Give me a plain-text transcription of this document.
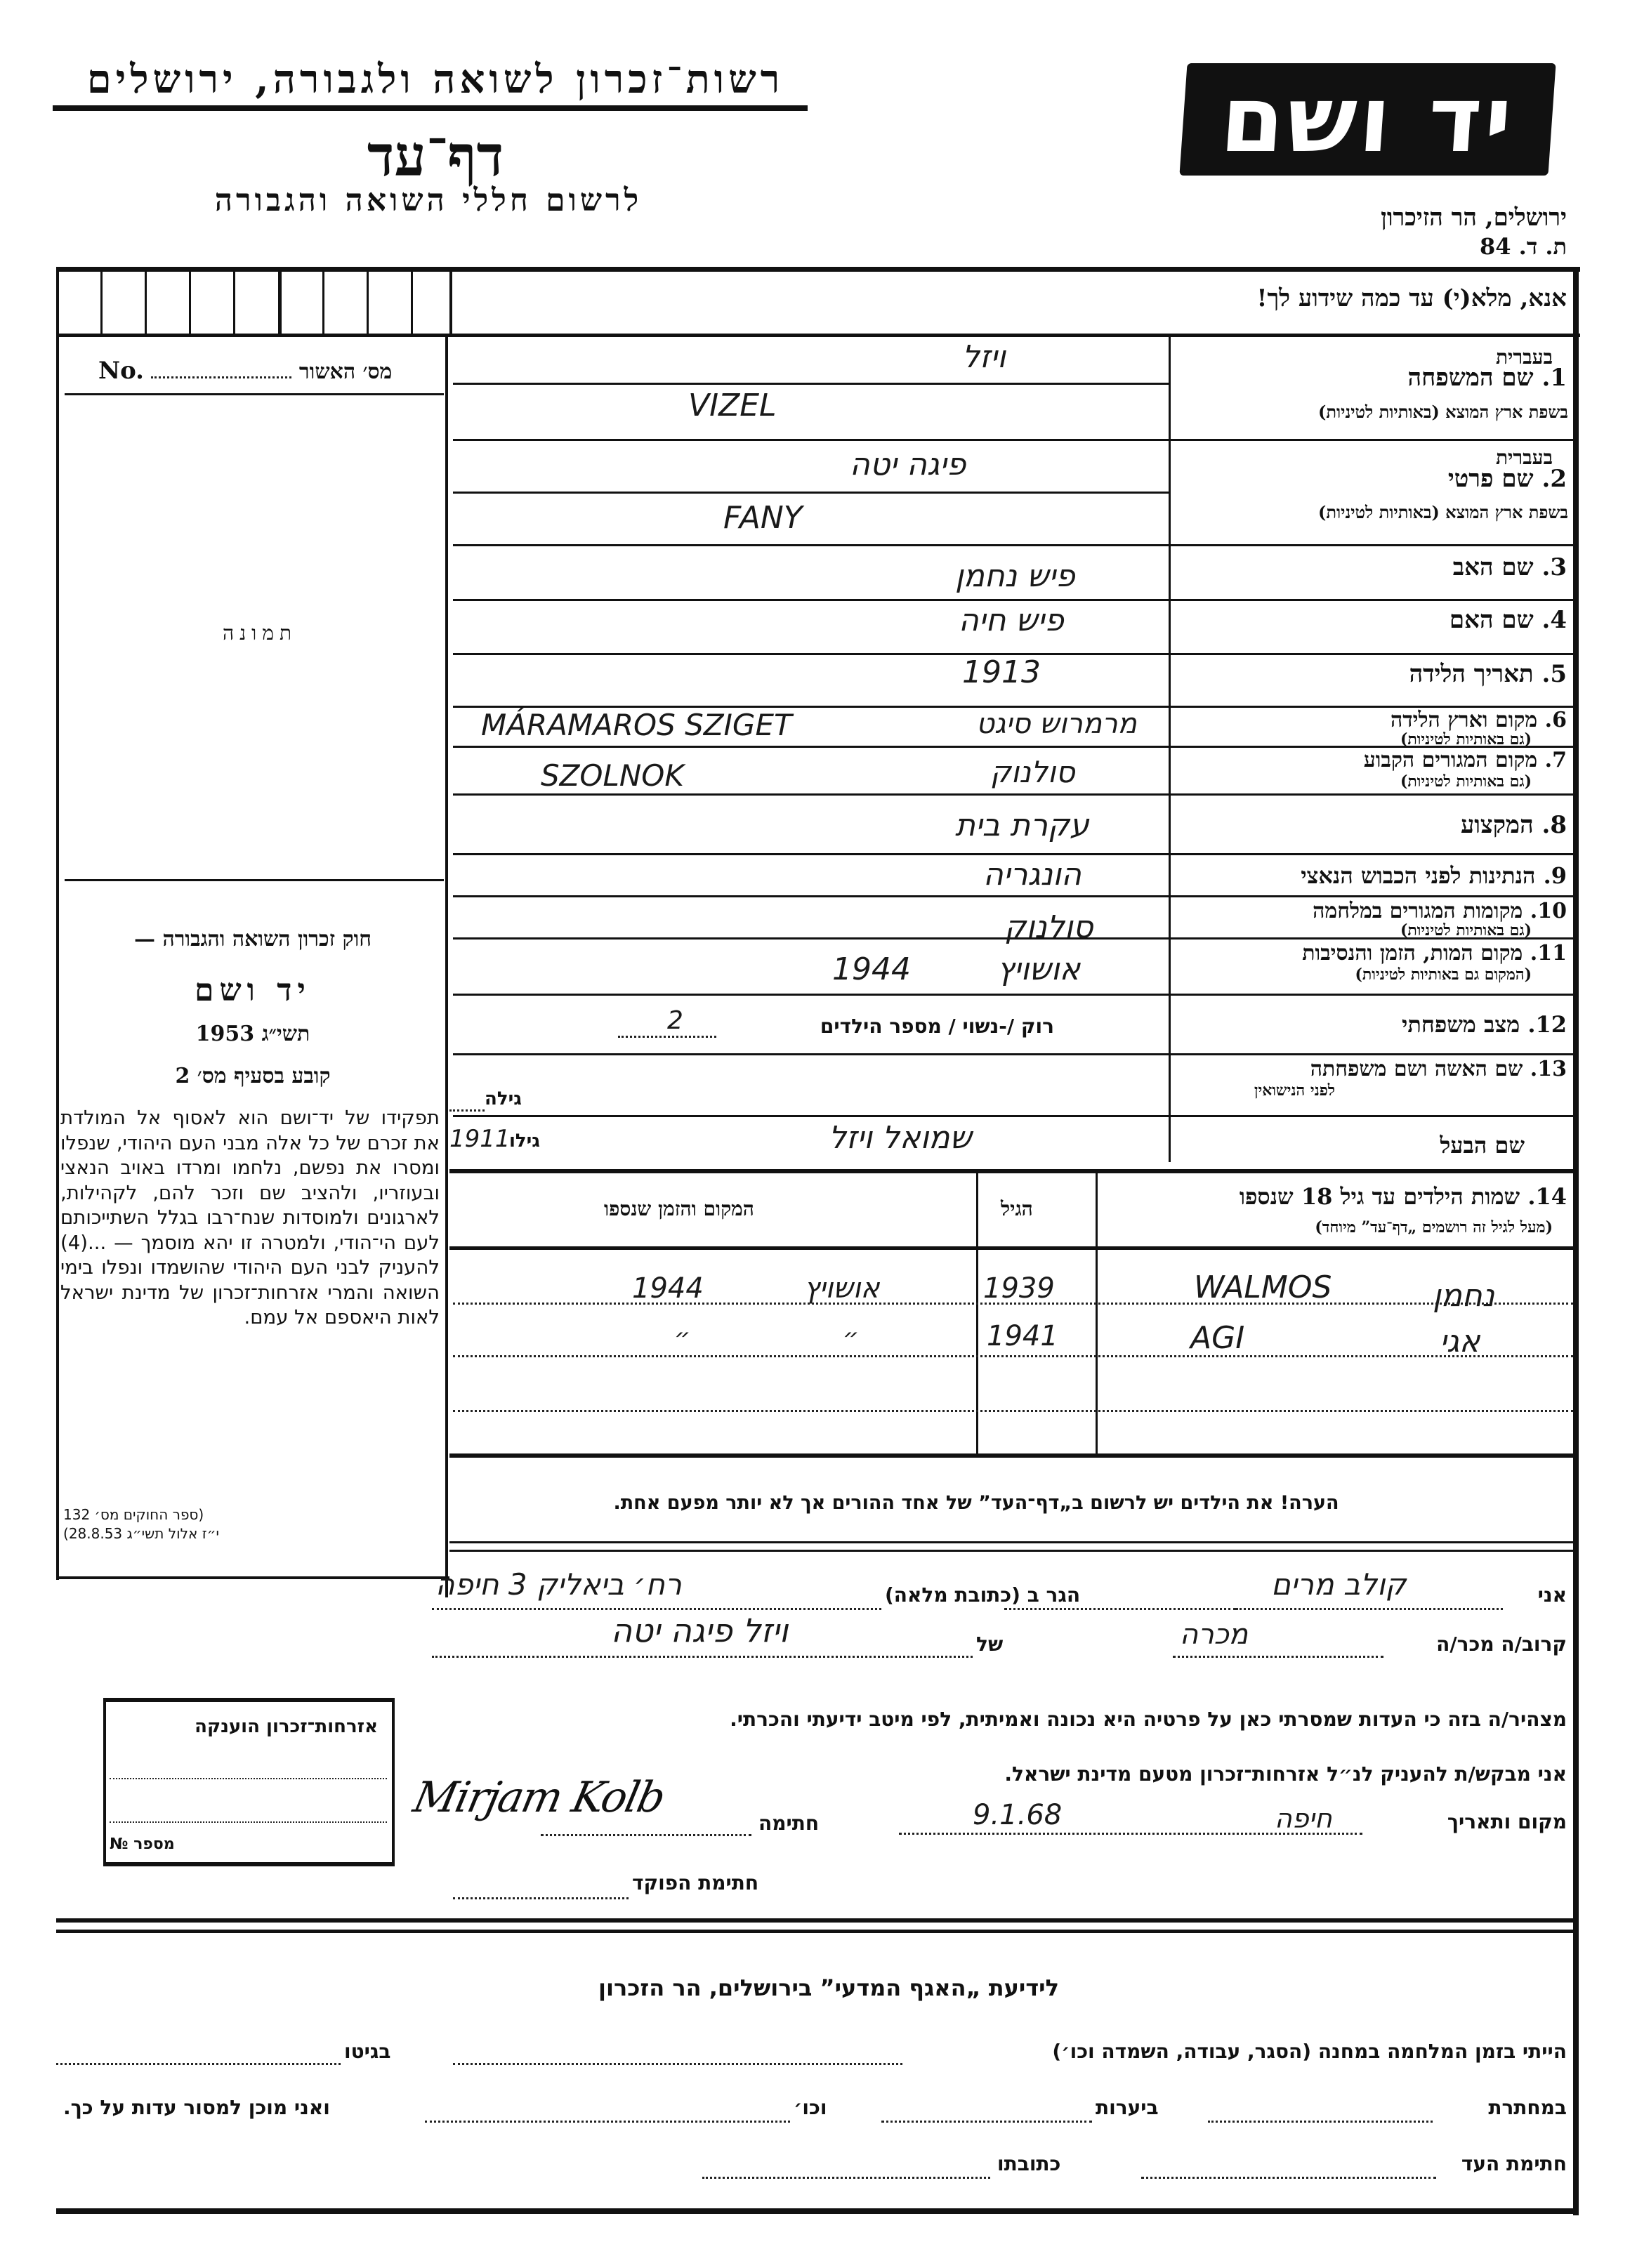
רשות־זכרון לשואה ולגבורה, ירושלים
דף־עד
לרשום חללי השואה והגבורה
יד ושם
ירושלים, הר הזיכרון
ת. ד. 84
אנא, מלא(י) עד כמה שידוע לך!
No.	מס׳ האשור
תמונה
חוק זכרון השואה והגבורה —
יד ושם
תשי״ג 1953
קובע בסעיף מס׳ 2
תפקידו של יד־ושם הוא לאסוף אל המולדת את זכרם של כל אלה מבני העם היהודי, שנפלו ומסרו את נפשם, נלחמו ומרדו באויב הנאצי ובעוזריו, ולהציב שם וזכר להם, לקהילות, לארגונים ולמוסדות שנח־רבו בגלל השתייכותם לעם הי־הודי, ולמטרה זו יהא מוסמך — ...(4) להעניק לבני העם היהודי שהושמדו ונפלו בימי השואה והמרי אזרחות־זכרון של מדינת ישראל לאות היאספם אל עמם.
(ספר החוקים מס׳ 132
י״ז אלול תשי״ג 28.8.53)
בעברית
1. שם המשפחה
בשפת ארץ המוצא (באותיות לטיניות)
ויזל
VIZEL
בעברית
2. שם פרטי
בשפת ארץ המוצא (באותיות לטיניות)
פיגה יטה
FANY
3. שם האב
פיש נחמן
4. שם האם
פיש חיה
5. תאריך הלידה
1913
6. מקום וארץ הלידה
(גם באותיות לטיניות)
מרמרוש סיגט
MÁRAMAROS SZIGET
7. מקום המגורים הקבוע
(גם באותיות לטיניות)
סולנוק
SZOLNOK
8. המקצוע
עקרת בית
9. הנתינות לפני הכבוש הנאצי
הונגריה
10. מקומות המגורים במלחמה
(גם באותיות לטיניות)
סולנוק
11. מקום המות, הזמן והנסיבות
(המקום גם באותיות לטיניות)
אושויץ
1944
12. מצב משפחתי
רוק /-נשוי / מספר הילדים
2
13. שם האשה ושם משפחתה
לפני הנישואין
גילה
שם הבעל
שמואל ויזל
גילו
1911
14. שמות הילדים עד גיל 18 שנספו
(מעל לגיל זה רושמים „דף־עד” מיוחד)
הגיל
המקום והזמן שנספו
נחמן
WALMOS
1939
אושויץ
1944
אגי
AGI
1941
״
״
הערה! את הילדים יש לרשום ב„דף־העד” של אחד ההורים אך לא יותר מפעם אחת.
אני
קולב מרים
הגר ב (כתובת מלאה)
רח׳ ביאליק 3 חיפה
קרוב/ה מכר/ה
מכרה
של
ויזל פיגה יטה
מצהיר/ה בזה כי העדות שמסרתי כאן על פרטיה היא נכונה ואמיתית, לפי מיטב ידיעתי והכרתי.
אני מבקש/ת להעניק לנ״ל אזרחות־זכרון מטעם מדינת ישראל.
מקום ותאריך
חיפה
9.1.68
חתימה
Mirjam Kolb
חתימת הפוקד
אזרחות־זכרון הוענקה
מספר №
לידיעת „האגף המדעי” בירושלים, הר הזכרון
הייתי בזמן המלחמה במחנה (הסגר, עבודה, השמדה וכו׳)
בגיטו
במחתרת
ביערות
וכו׳
ואני מוכן למסור עדות על כך.
חתימת העד
כתובתו
